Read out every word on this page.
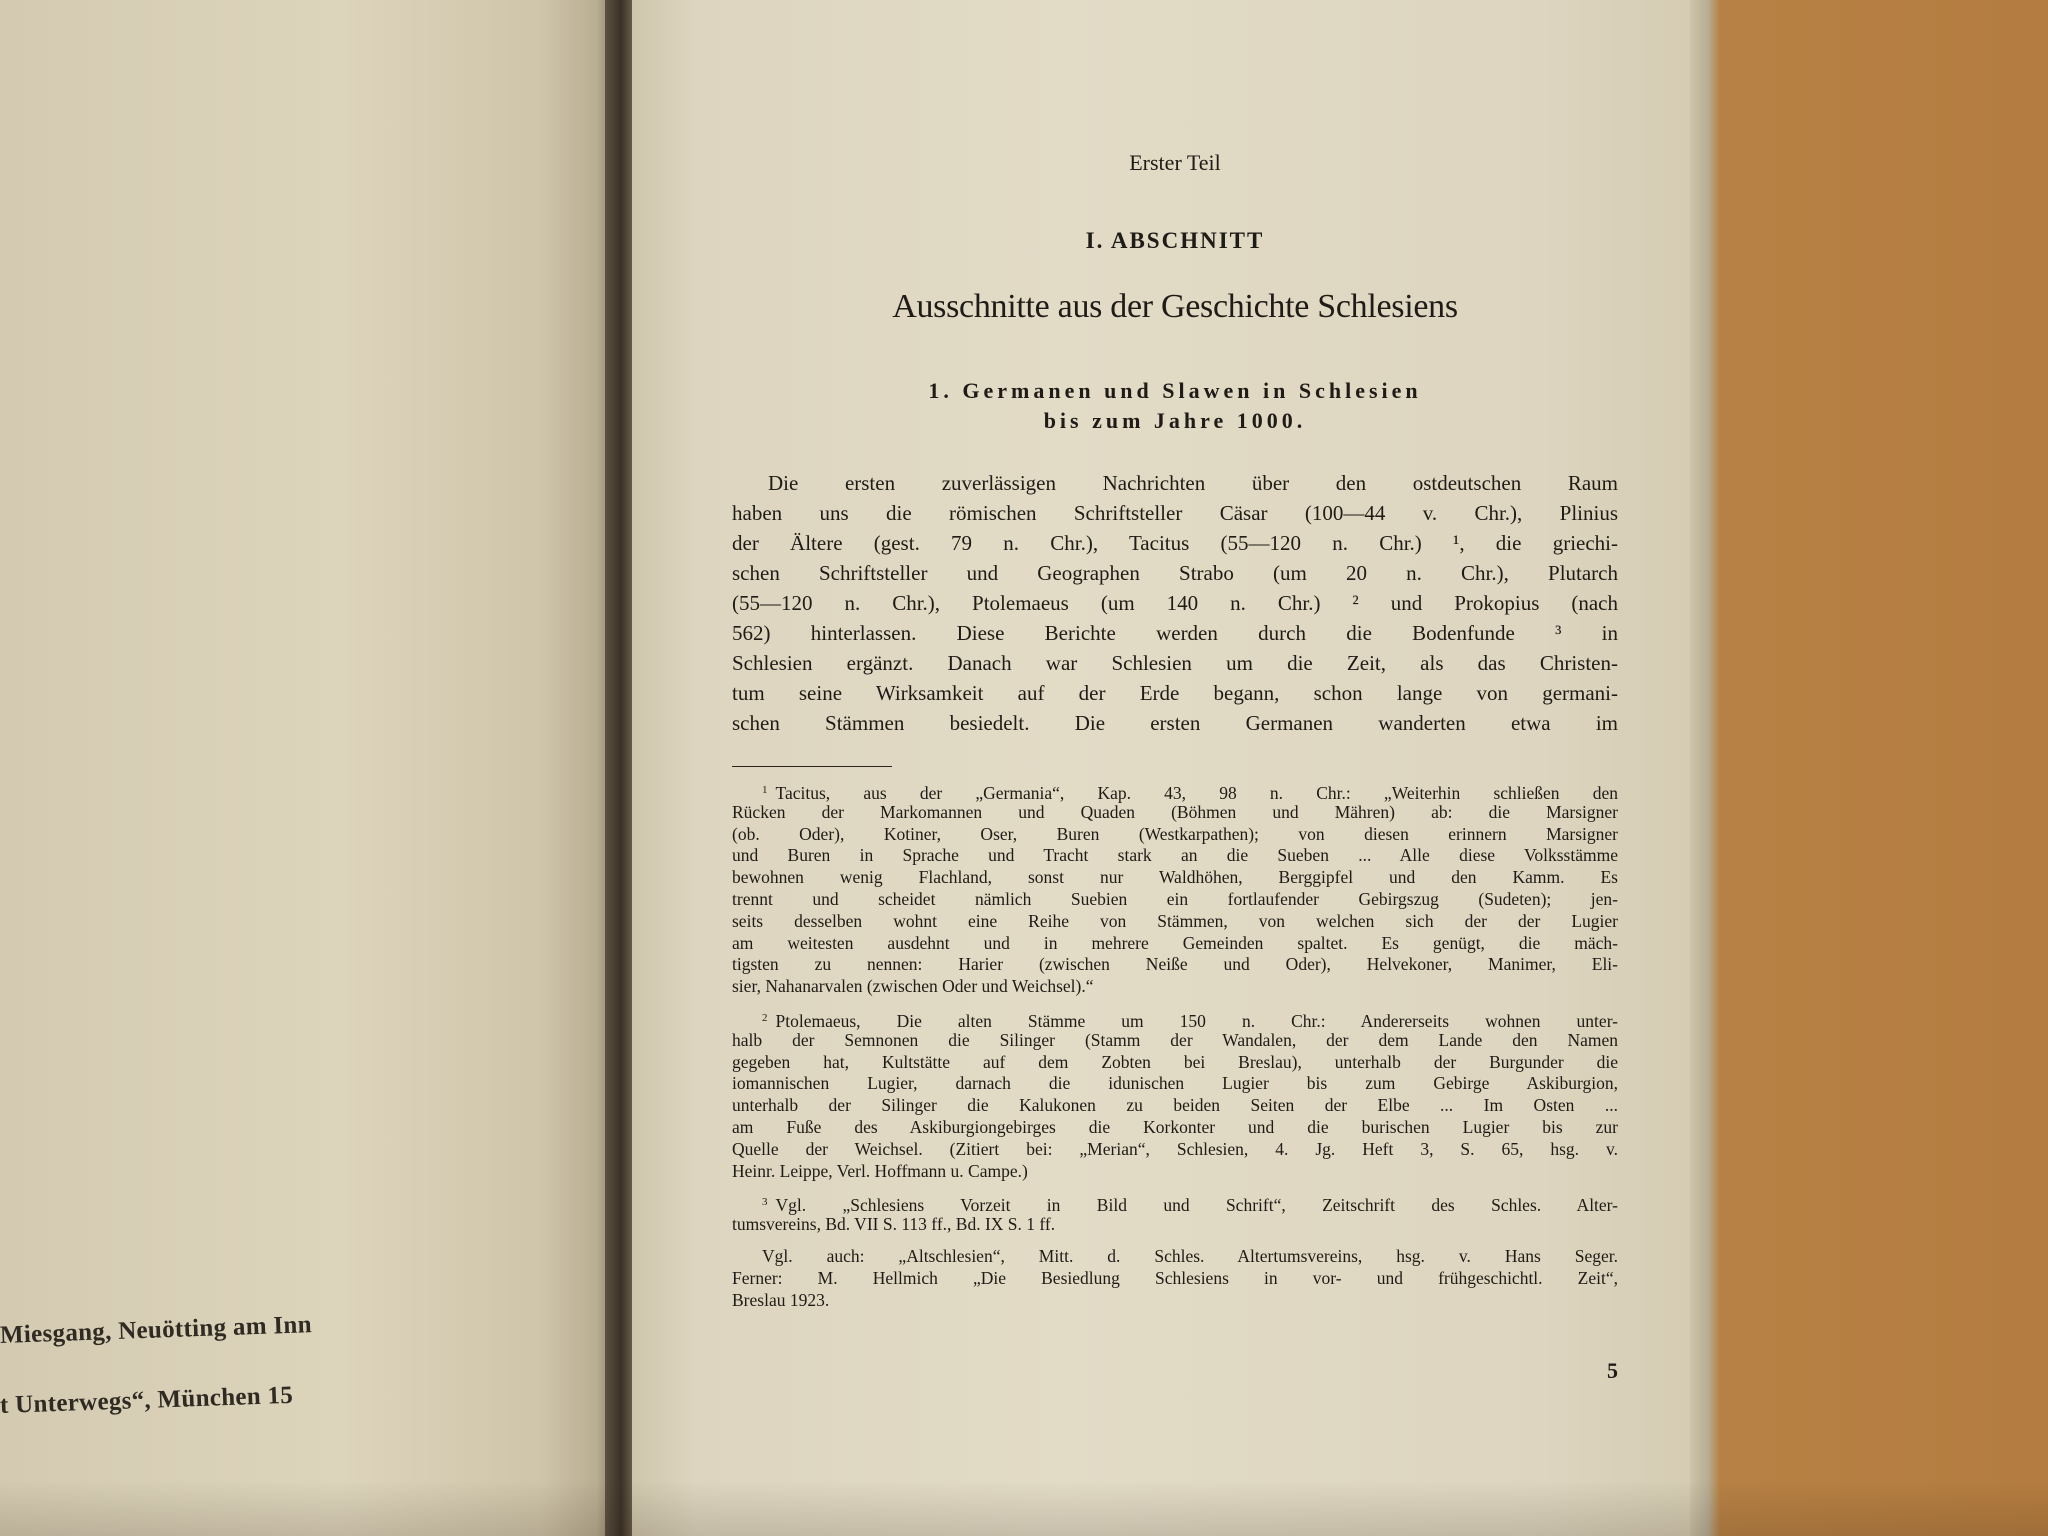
Miesgang, Neuötting am Inn
t Unterwegs“, München 15
Erster Teil
I. ABSCHNITT
Ausschnitte aus der Geschichte Schlesiens
1. Germanen und Slawen in Schlesien
bis zum Jahre 1000.
Die ersten zuverlässigen Nachrichten über den ostdeutschen Raum
haben uns die römischen Schriftsteller Cäsar (100—44 v. Chr.), Plinius
der Ältere (gest. 79 n. Chr.), Tacitus (55—120 n. Chr.) ¹, die griechi-
schen Schriftsteller und Geographen Strabo (um 20 n. Chr.), Plutarch
(55—120 n. Chr.), Ptolemaeus (um 140 n. Chr.) ² und Prokopius (nach
562) hinterlassen. Diese Berichte werden durch die Bodenfunde ³ in
Schlesien ergänzt. Danach war Schlesien um die Zeit, als das Christen-
tum seine Wirksamkeit auf der Erde begann, schon lange von germani-
schen Stämmen besiedelt. Die ersten Germanen wanderten etwa im
$^1$ Tacitus, aus der „Germania“, Kap. 43, 98 n. Chr.: „Weiterhin schließen den
Rücken der Markomannen und Quaden (Böhmen und Mähren) ab: die Marsigner
(ob. Oder), Kotiner, Oser, Buren (Westkarpathen); von diesen erinnern Marsigner
und Buren in Sprache und Tracht stark an die Sueben ... Alle diese Volksstämme
bewohnen wenig Flachland, sonst nur Waldhöhen, Berggipfel und den Kamm. Es
trennt und scheidet nämlich Suebien ein fortlaufender Gebirgszug (Sudeten); jen-
seits desselben wohnt eine Reihe von Stämmen, von welchen sich der der Lugier
am weitesten ausdehnt und in mehrere Gemeinden spaltet. Es genügt, die mäch-
tigsten zu nennen: Harier (zwischen Neiße und Oder), Helvekoner, Manimer, Eli-
sier, Nahanarvalen (zwischen Oder und Weichsel).“
$^2$ Ptolemaeus, Die alten Stämme um 150 n. Chr.: Andererseits wohnen unter-
halb der Semnonen die Silinger (Stamm der Wandalen, der dem Lande den Namen
gegeben hat, Kultstätte auf dem Zobten bei Breslau), unterhalb der Burgunder die
iomannischen Lugier, darnach die idunischen Lugier bis zum Gebirge Askiburgion,
unterhalb der Silinger die Kalukonen zu beiden Seiten der Elbe ... Im Osten ...
am Fuße des Askiburgiongebirges die Korkonter und die burischen Lugier bis zur
Quelle der Weichsel. (Zitiert bei: „Merian“, Schlesien, 4. Jg. Heft 3, S. 65, hsg. v.
Heinr. Leippe, Verl. Hoffmann u. Campe.)
$^3$ Vgl. „Schlesiens Vorzeit in Bild und Schrift“, Zeitschrift des Schles. Alter-
tumsvereins, Bd. VII S. 113 ff., Bd. IX S. 1 ff.
Vgl. auch: „Altschlesien“, Mitt. d. Schles. Altertumsvereins, hsg. v. Hans Seger.
Ferner: M. Hellmich „Die Besiedlung Schlesiens in vor- und frühgeschichtl. Zeit“,
Breslau 1923.
5
